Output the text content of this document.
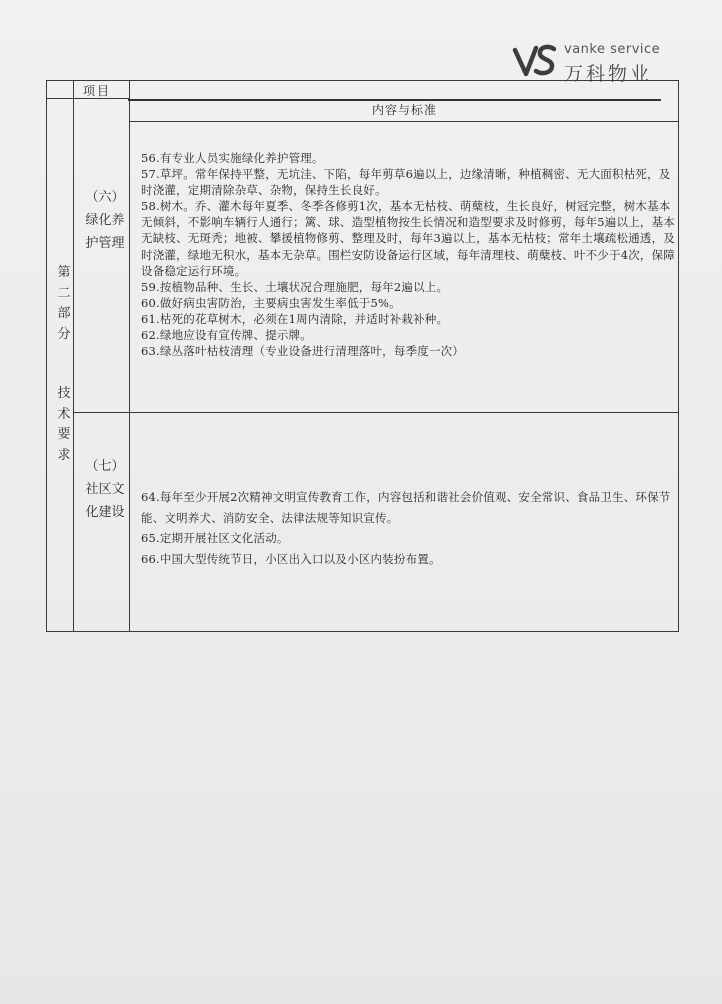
vanke service
万科物业
项目
内容与标准
第二部分
技术要求
（六）绿化养护管理
（七）社区文化建设

56.有专业人员实施绿化养护管理。

57.草坪。常年保持平整，无坑洼、下陷，每年剪草6遍以上，边缘清晰，种植稠密、无大面积枯死，及时浇灌，定期清除杂草、杂物，保持生长良好。

58.树木。乔、灌木每年夏季、冬季各修剪1次，基本无枯枝、萌蘖枝，生长良好，树冠完整，树木基本无倾斜，不影响车辆行人通行；篱、球、造型植物按生长情况和造型要求及时修剪，每年5遍以上，基本无缺枝、无斑秃；地被、攀援植物修剪、整理及时，每年3遍以上，基本无枯枝；常年土壤疏松通透，及时浇灌，绿地无积水，基本无杂草。围栏安防设备运行区域，每年清理枝、萌蘖枝、叶不少于4次，保障设备稳定运行环境。

59.按植物品种、生长、土壤状况合理施肥，每年2遍以上。

60.做好病虫害防治，主要病虫害发生率低于5%。

61.枯死的花草树木，必须在1周内清除，并适时补栽补种。

62.绿地应设有宣传牌、提示牌。

63.绿丛落叶枯枝清理（专业设备进行清理落叶，每季度一次）

64.每年至少开展2次精神文明宣传教育工作，内容包括和谐社会价值观、安全常识、食品卫生、环保节能、文明养犬、消防安全、法律法规等知识宣传。

65.定期开展社区文化活动。

66.中国大型传统节日，小区出入口以及小区内装扮布置。
